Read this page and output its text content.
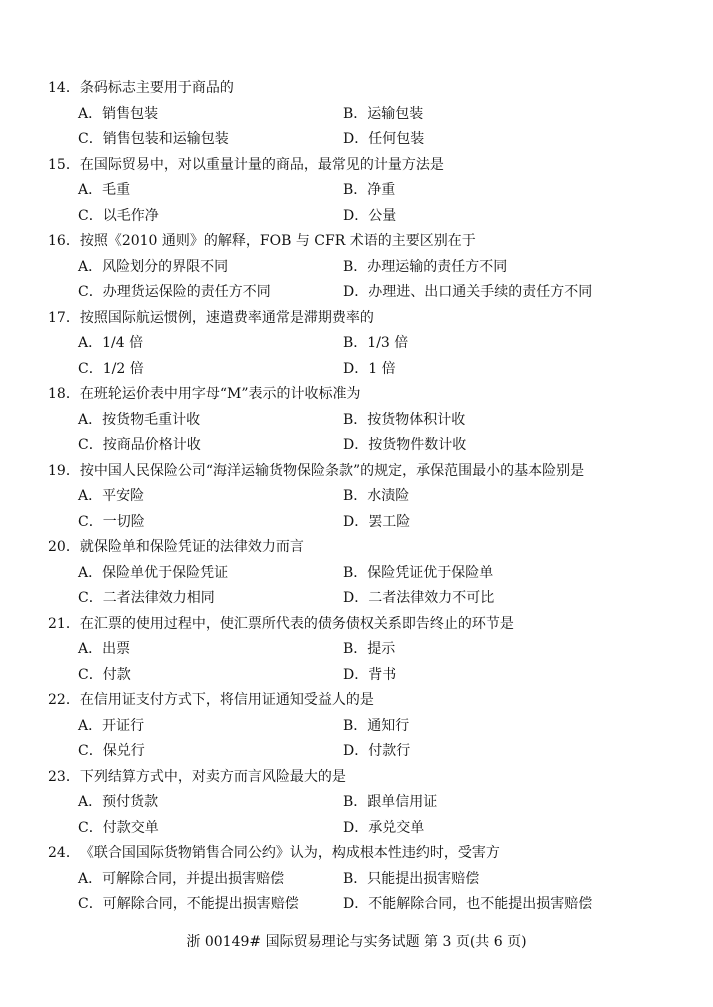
14．条码标志主要用于商品的
A．销售包装	B．运输包装
C．销售包装和运输包装	D．任何包装
15．在国际贸易中，对以重量计量的商品，最常见的计量方法是
A．毛重	B．净重
C．以毛作净	D．公量
16．按照《2010 通则》的解释，FOB 与 CFR 术语的主要区别在于
A．风险划分的界限不同	B．办理运输的责任方不同
C．办理货运保险的责任方不同	D．办理进、出口通关手续的责任方不同
17．按照国际航运惯例，速遣费率通常是滞期费率的
A．1/4 倍	B．1/3 倍
C．1/2 倍	D．1 倍
18．在班轮运价表中用字母“M”表示的计收标准为
A．按货物毛重计收	B．按货物体积计收
C．按商品价格计收	D．按货物件数计收
19．按中国人民保险公司“海洋运输货物保险条款”的规定，承保范围最小的基本险别是
A．平安险	B．水渍险
C．一切险	D．罢工险
20．就保险单和保险凭证的法律效力而言
A．保险单优于保险凭证	B．保险凭证优于保险单
C．二者法律效力相同	D．二者法律效力不可比
21．在汇票的使用过程中，使汇票所代表的债务债权关系即告终止的环节是
A．出票	B．提示
C．付款	D．背书
22．在信用证支付方式下，将信用证通知受益人的是
A．开证行	B．通知行
C．保兑行	D．付款行
23．下列结算方式中，对卖方而言风险最大的是
A．预付货款	B．跟单信用证
C．付款交单	D．承兑交单
24．《联合国国际货物销售合同公约》认为，构成根本性违约时，受害方
A．可解除合同，并提出损害赔偿	B．只能提出损害赔偿
C．可解除合同，不能提出损害赔偿	D．不能解除合同，也不能提出损害赔偿
浙 00149# 国际贸易理论与实务试题 第 3 页(共 6 页)
